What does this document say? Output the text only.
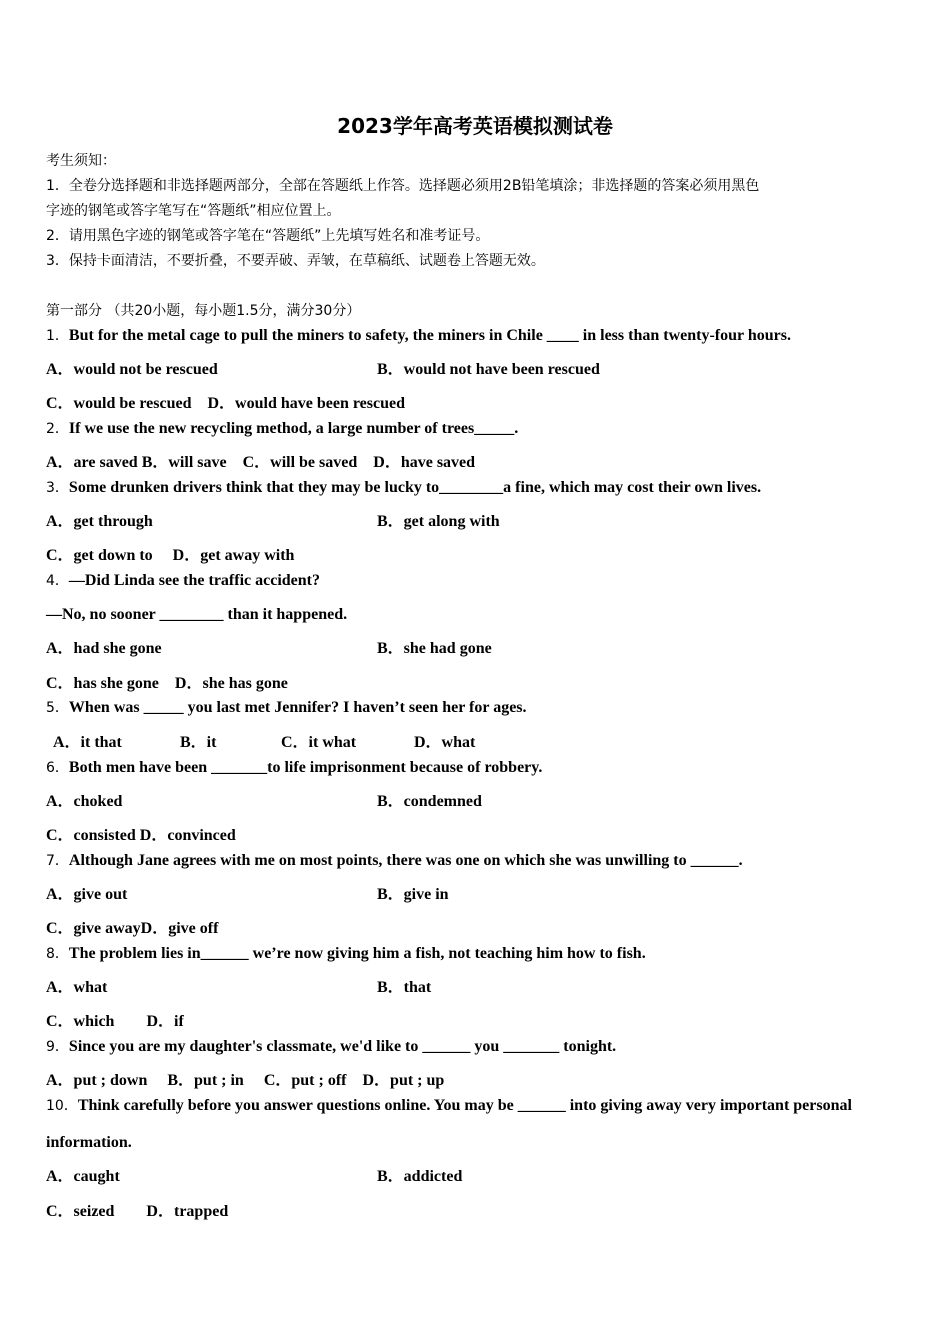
2023学年高考英语模拟测试卷
考生须知：
1．全卷分选择题和非选择题两部分，全部在答题纸上作答。选择题必须用2B铅笔填涂；非选择题的答案必须用黑色
字迹的钢笔或答字笔写在“答题纸”相应位置上。
2．请用黑色字迹的钢笔或答字笔在“答题纸”上先填写姓名和准考证号。
3．保持卡面清洁，不要折叠，不要弄破、弄皱，在草稿纸、试题卷上答题无效。
第一部分 （共20小题，每小题1.5分，满分30分）
1．But for the metal cage to pull the miners to safety, the miners in Chile ____ in less than twenty-four hours.
A．would not be rescued	B．would not have been rescued
C．would be rescued　D．would have been rescued
2．If we use the new recycling method, a large number of trees_____.
A．are saved B．will save　C．will be saved　D．have saved
3．Some drunken drivers think that they may be lucky to________a fine, which may cost their own lives.
A．get through	B．get along with
C．get down to　 D．get away with
4．—Did Linda see the traffic accident?
—No, no sooner ________ than it happened.
A．had she gone	B．she had gone
C．has she gone　D．she has gone
5．When was _____ you last met Jennifer? I haven’t seen her for ages.
A．it that	B．it	C．it what	D．what
6．Both men have been _______to life imprisonment because of robbery.
A．choked	B．condemned
C．consisted D．convinced
7．Although Jane agrees with me on most points, there was one on which she was unwilling to ______.
A．give out	B．give in
C．give awayD．give off
8．The problem lies in______ we’re now giving him a fish, not teaching him how to fish.
A．what	B．that
C．which　　D．if
9．Since you are my daughter's classmate, we'd like to ______ you _______ tonight.
A．put ; down　 B．put ; in　 C．put ; off　D．put ; up
10．Think carefully before you answer questions online. You may be ______ into giving away very important personal
information.
A．caught	B．addicted
C．seized　　D．trapped
